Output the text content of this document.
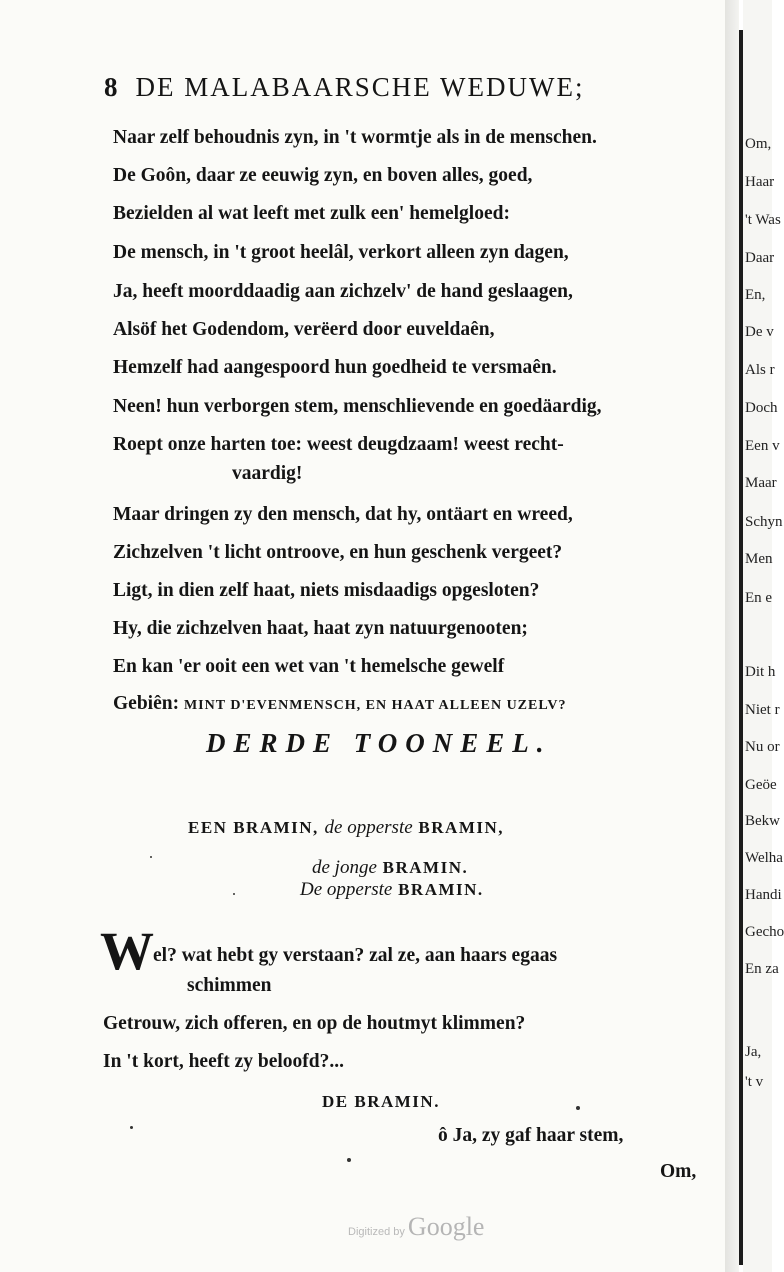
8 DE MALABAARSCHE WEDUWE;
Naar zelf behoudnis zyn, in 't wormtje als in de menschen.
De Goôn, daar ze eeuwig zyn, en boven alles, goed,
Bezielden al wat leeft met zulk een' hemelgloed:
De mensch, in 't groot heelâl, verkort alleen zyn dagen,
Ja, heeft moorddaadig aan zichzelv' de hand geslaagen,
Alsöf het Godendom, verëerd door euveldaên,
Hemzelf had aangespoord hun goedheid te versmaên.
Neen! hun verborgen stem, menschlievende en goedäardig,
Roept onze harten toe: weest deugdzaam! weest recht-
vaardig!
Maar dringen zy den mensch, dat hy, ontäart en wreed,
Zichzelven 't licht ontroove, en hun geschenk vergeet?
Ligt, in dien zelf haat, niets misdaadigs opgesloten?
Hy, die zichzelven haat, haat zyn natuurgenooten;
En kan 'er ooit een wet van 't hemelsche gewelf
Gebiên: MINT D'EVENMENSCH, EN HAAT ALLEEN UZELV?
DERDE TOONEEL.
EEN BRAMIN, de opperste BRAMIN,
de jonge BRAMIN.
De opperste BRAMIN.
W el? wat hebt gy verstaan? zal ze, aan haars egaas
schimmen
Getrouw, zich offeren, en op de houtmyt klimmen?
In 't kort, heeft zy beloofd?...
DE BRAMIN.
ô Ja, zy gaf haar stem,
Om,
Digitized by Google
Om,
Haar
't Was
Daar
En,
De v
Als r
Doch
Een v
Maar
Schyn
Men
En e
Dit h
Niet r
Nu or
Geöe
Bekw
Welha
Handi
Gecho
En za
Ja,
't v
